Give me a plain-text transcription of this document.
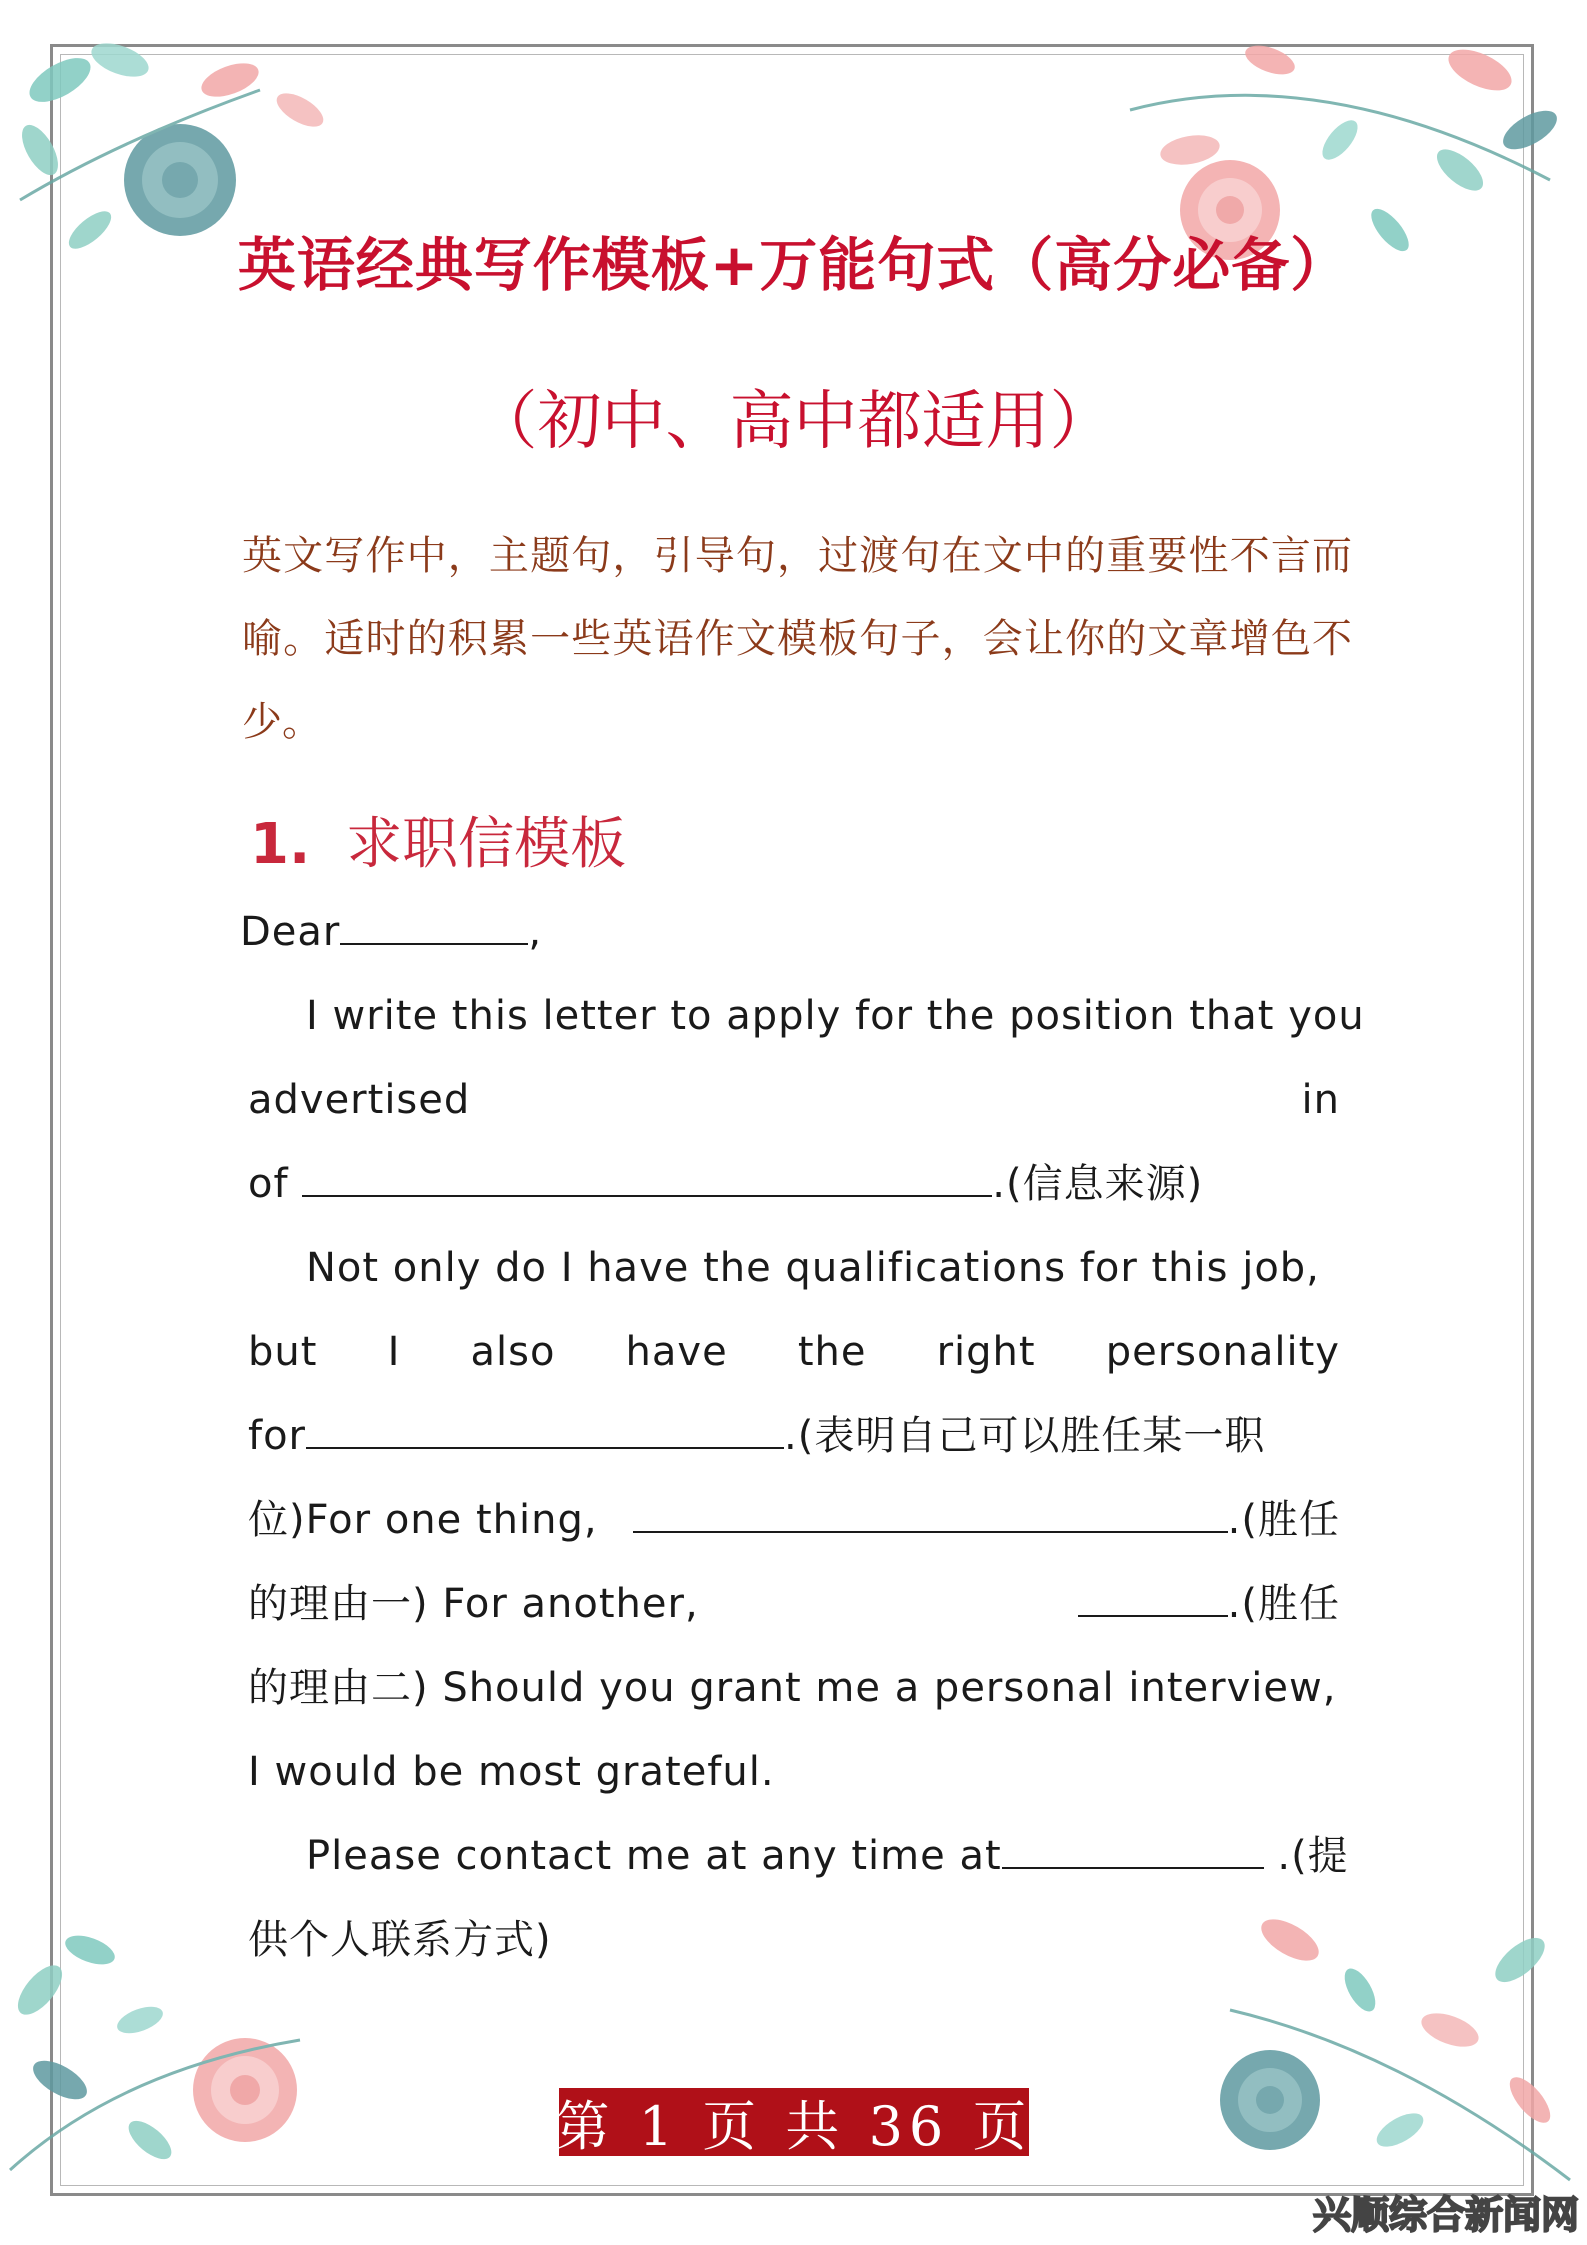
英语经典写作模板+万能句式（高分必备）
（初中、高中都适用）
英文写作中，主题句，引导句，过渡句在文中的重要性不言而喻。适时的积累一些英语作文模板句子，会让你的文章增色不少。
1. 求职信模板
Dear	,
I write this letter to apply for the position that you
advertised	in
of	.(信息来源)
Not only do I have the qualifications for this job,
but I also have the right personality
for	.(表明自己可以胜任某一职
位)For one thing,	.(胜任
的理由一) For another,	.(胜任
的理由二) Should you grant me a personal interview,
I would be most grateful.
Please contact me at any time at	.(提
供个人联系方式)
第 1 页 共 36 页
兴顺综合新闻网
